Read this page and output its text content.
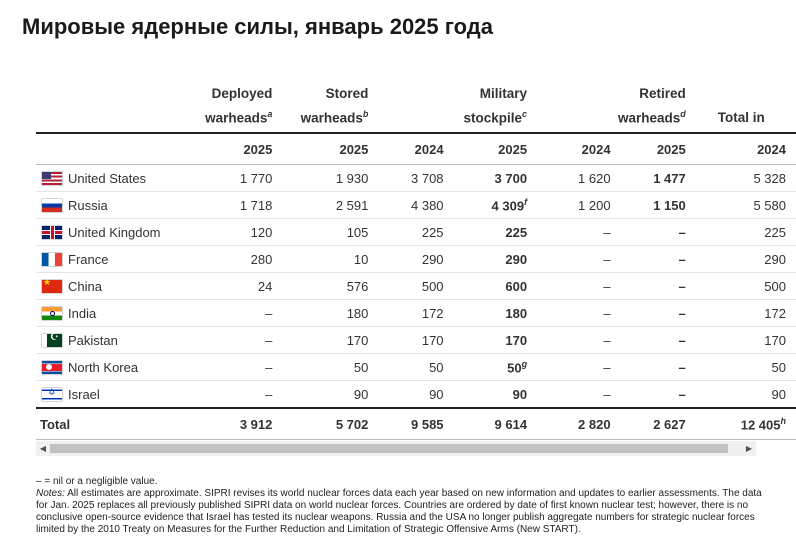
Мировые ядерные силы, январь 2025 года
	Deployed warheads$^a$	Stored warheads$^b$	Military stockpile$^c$		Retired warheads$^d$		Total in
	2025	2025	2024	2025	2024	2025	2024
United States	1 770	1 930	3 708	3 700	1 620	1 477	5 328
Russia	1 718	2 591	4 380	4 309$^f$	1 200	1 150	5 580
United Kingdom	120	105	225	225	–	–	225
France	280	10	290	290	–	–	290
★China	24	576	500	600	–	–	500
India	–	180	172	180	–	–	172
☪Pakistan	–	170	170	170	–	–	170
North Korea	–	50	50	50$^g$	–	–	50
✡Israel	–	90	90	90	–	–	90
Total	3 912	5 702	9 585	9 614	2 820	2 627	12 405$^h$
◀	▶

– = nil or a negligible value.

Notes: All estimates are approximate. SIPRI revises its world nuclear forces data each year based on new information and updates to earlier assessments. The data for Jan. 2025 replaces all previously published SIPRI data on world nuclear forces. Countries are ordered by date of first known nuclear test; however, there is no conclusive open-source evidence that Israel has tested its nuclear weapons. Russia and the USA no longer publish aggregate numbers for strategic nuclear forces limited by the 2010 Treaty on Measures for the Further Reduction and Limitation of Strategic Offensive Arms (New START).
